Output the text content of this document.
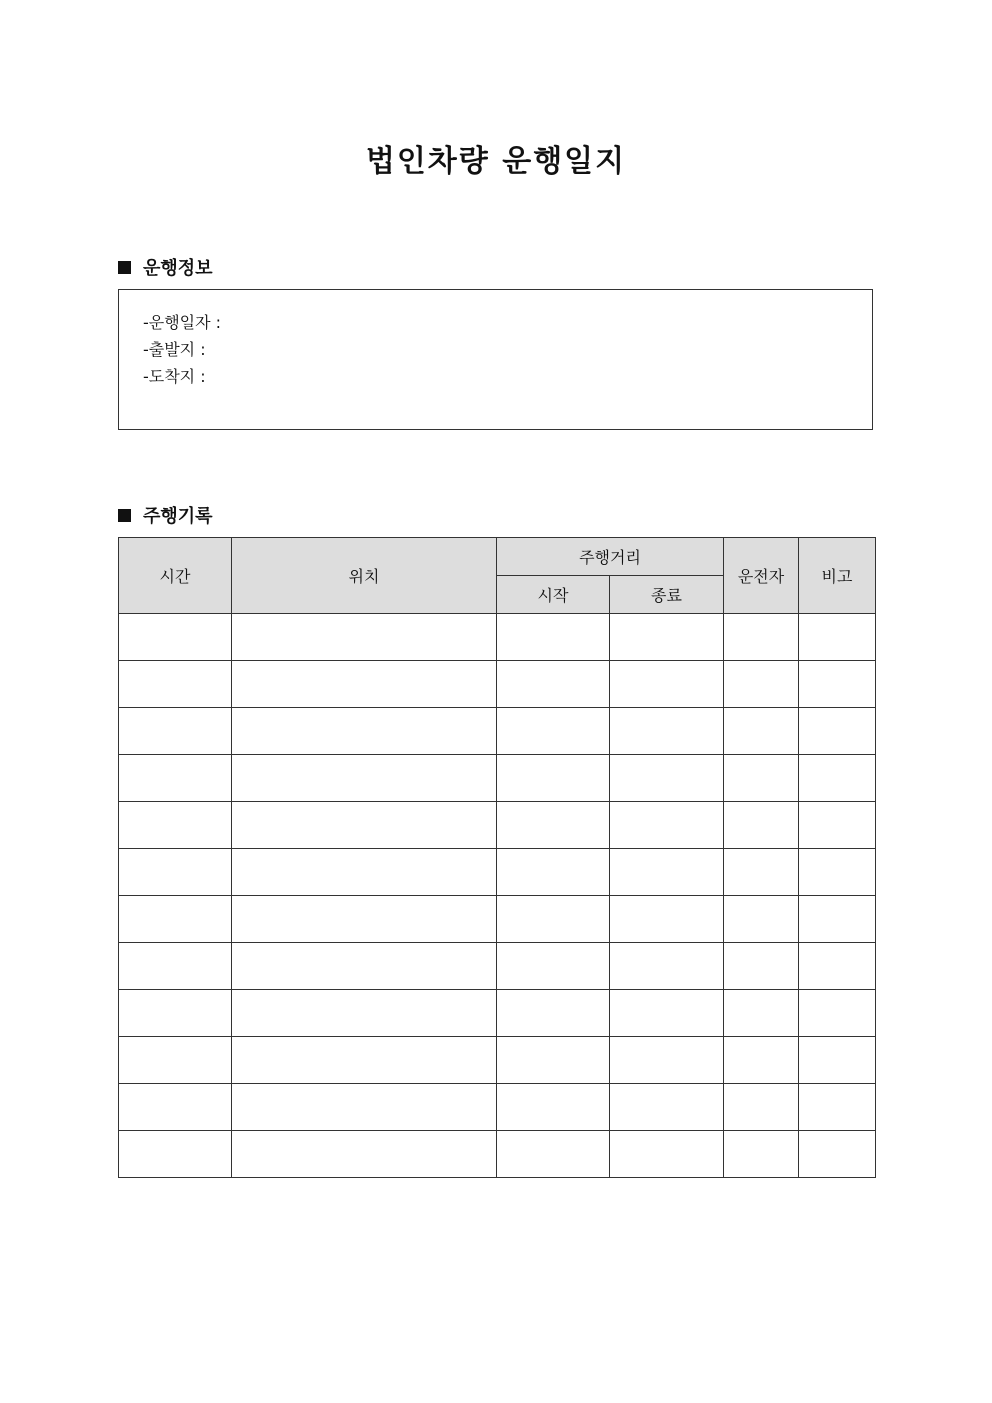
법인차량 운행일지
운행정보
-운행일자 :
-출발지 :
-도착지 :
주행기록
시간	위치	주행거리		운전자	비고
		시작	종료		
